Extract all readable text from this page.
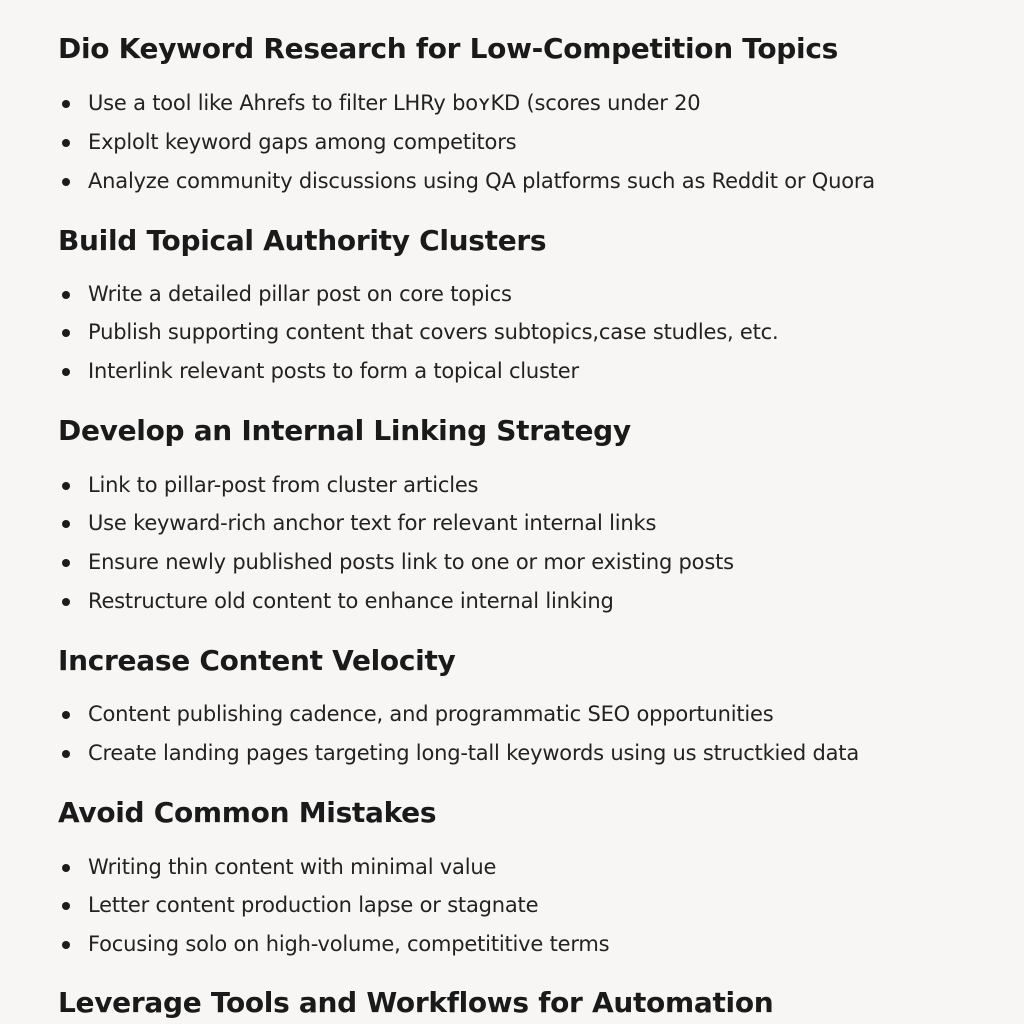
Dio Keyword Research for Low-Competition Topics
Use a tool like Ahrefs to filter LHRy boʏKD (scores under 20
Explolt keyword gaps among competitors
Analyze community discussions using QA platforms such as Reddit or Quora
Build Topical Authority Clusters
Write a detailed pillar post on core topics
Publish supporting content that covers subtopics,case studles, etc.
Interlink relevant posts to form a topical cluster
Develop an Internal Linking Strategy
Link to pillar-post from cluster articles
Use keyward-rich anchor text for relevant internal links
Ensure newly published posts link to one or mor existing posts
Restructure old content to enhance internal linking
Increase Content Velocity
Content publishing cadence, and programmatic SEO opportunities
Create landing pages targeting long-tall keywords using us structkied data
Avoid Common Mistakes
Writing thin content with minimal value
Letter content production lapse or stagnate
Focusing solo on high-volume, competititive terms
Leverage Tools and Workflows for Automation
